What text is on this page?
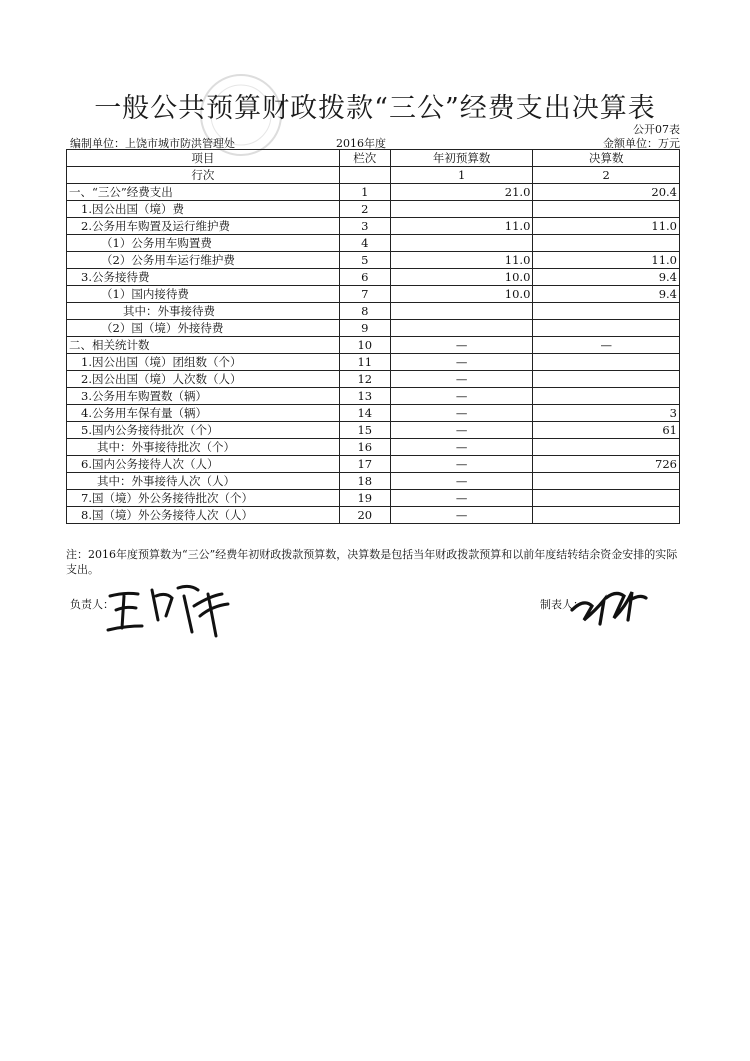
一般公共预算财政拨款“三公”经费支出决算表
公开07表
编制单位：上饶市城市防洪管理处	2016年度	金额单位：万元
项目	栏次	年初预算数	决算数
行次		1	2
一、“三公”经费支出	1	21.0	20.4
1.因公出国（境）费	2		
2.公务用车购置及运行维护费	3	11.0	11.0
（1）公务用车购置费	4		
（2）公务用车运行维护费	5	11.0	11.0
3.公务接待费	6	10.0	9.4
（1）国内接待费	7	10.0	9.4
其中：外事接待费	8		
（2）国（境）外接待费	9		
二、相关统计数	10	—	—
1.因公出国（境）团组数（个）	11	—	
2.因公出国（境）人次数（人）	12	—	
3.公务用车购置数（辆）	13	—	
4.公务用车保有量（辆）	14	—	3
5.国内公务接待批次（个）	15	—	61
其中：外事接待批次（个）	16	—	
6.国内公务接待人次（人）	17	—	726
其中：外事接待人次（人）	18	—	
7.国（境）外公务接待批次（个）	19	—	
8.国（境）外公务接待人次（人）	20	—	
注：2016年度预算数为“三公”经费年初财政拨款预算数，决算数是包括当年财政拨款预算和以前年度结转结余资金安排的实际支出。
负责人：	制表人：
